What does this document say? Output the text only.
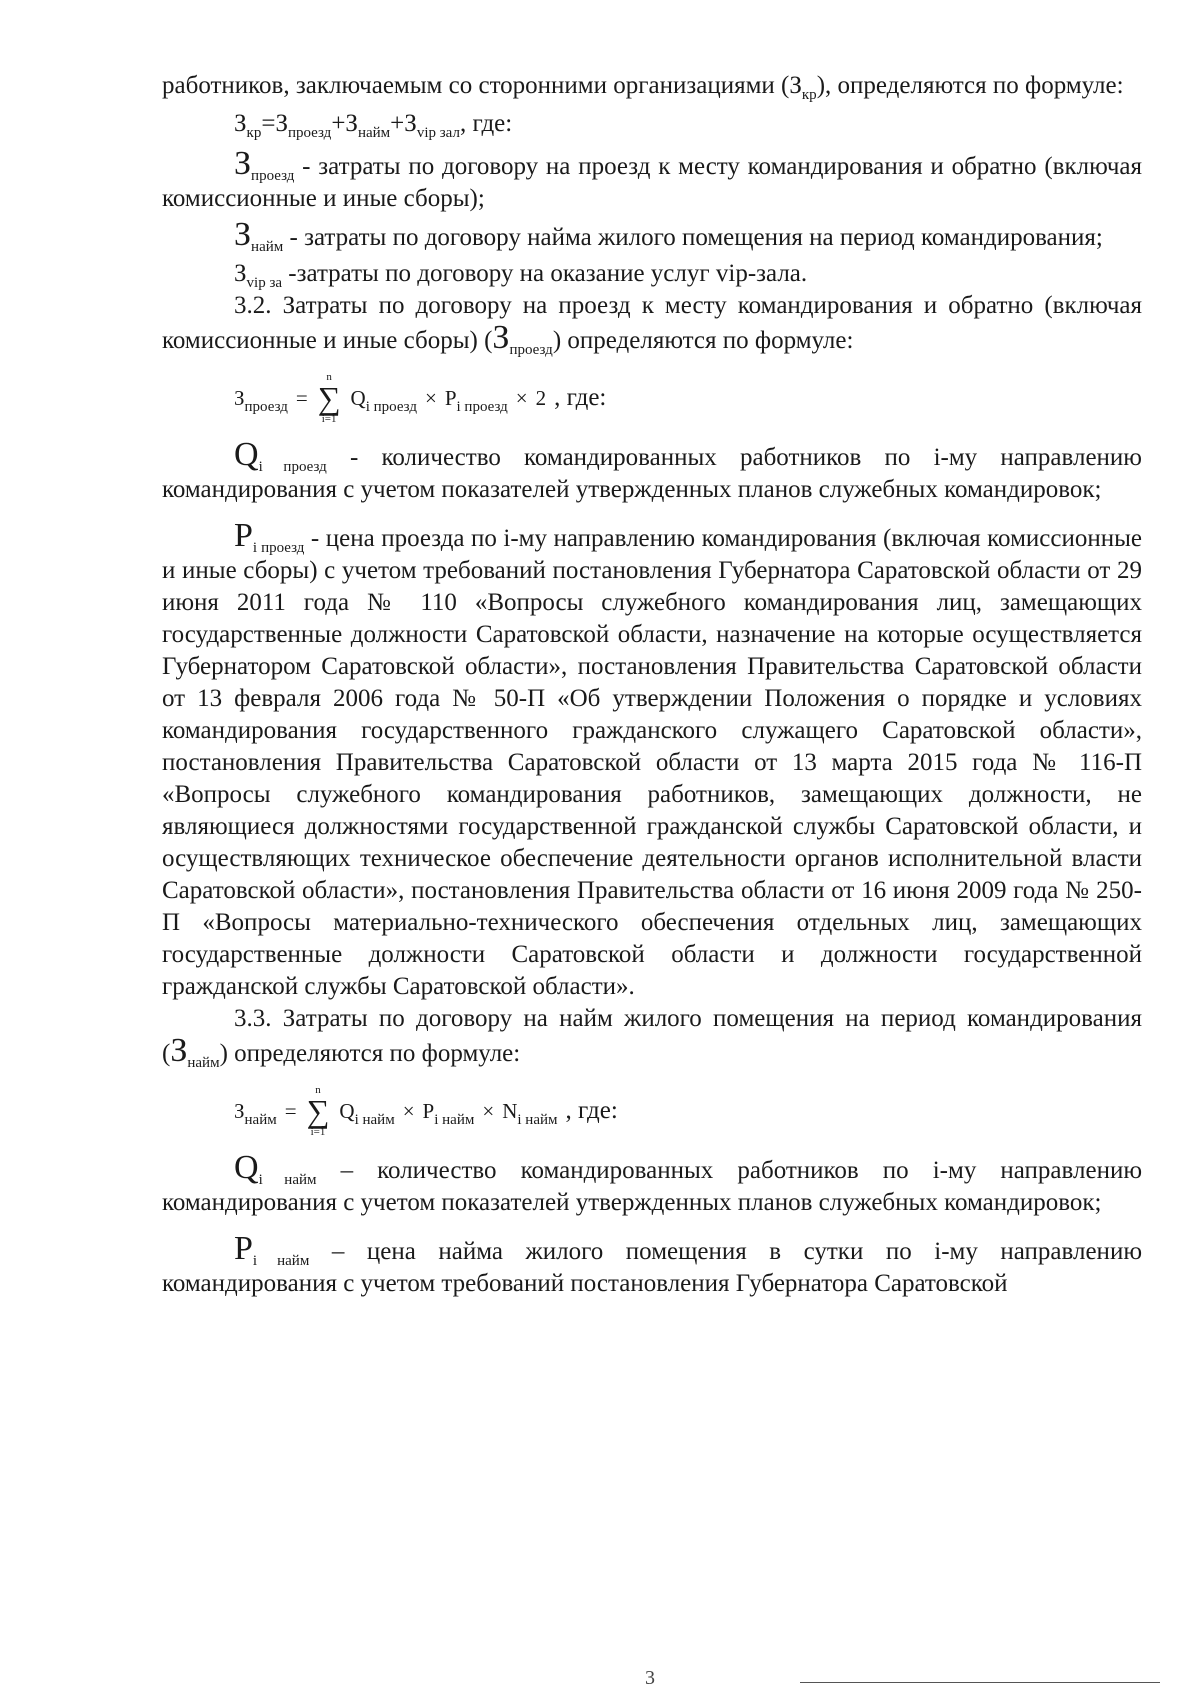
работников, заключаемым со сторонними организациями $(З_{кр})$, определяются по формуле:

$З_{кр}=З_{проезд}+З_{найм}+З_{vip зал}$, где:

$З_{проезд}$ - затраты по договору на проезд к месту командирования и обратно (включая комиссионные и иные сборы);

$З_{найм}$ - затраты по договору найма жилого помещения на период командирования;

$З_{vip за}$ -затраты по договору на оказание услуг vip-зала.

3.2. Затраты по договору на проезд к месту командирования и обратно (включая комиссионные и иные сборы) $(З_{проезд})$ определяются по формуле:

$З_{проезд}$ =
n
∑
i=1
$Q_{i проезд} \times P_{i проезд} \times 2$ , где:

$Q_{i проезд}$ - количество командированных работников по i-му направлению командирования с учетом показателей утвержденных планов служебных командировок;

$P_{i проезд}$ - цена проезда по i-му направлению командирования (включая комиссионные и иные сборы) с учетом требований постановления Губернатора Саратовской области от 29 июня 2011 года № 110 «Вопросы служебного командирования лиц, замещающих государственные должности Саратовской области, назначение на которые осуществляется Губернатором Саратовской области», постановления Правительства Саратовской области от 13 февраля 2006 года № 50-П «Об утверждении Положения о порядке и условиях командирования государственного гражданского служащего Саратовской области», постановления Правительства Саратовской области от 13 марта 2015 года № 116-П «Вопросы служебного командирования работников, замещающих должности, не являющиеся должностями государственной гражданской службы Саратовской области, и осуществляющих техническое обеспечение деятельности органов исполнительной власти Саратовской области», постановления Правительства области от 16 июня 2009 года № 250-П «Вопросы материально-технического обеспечения отдельных лиц, замещающих государственные должности Саратовской области и должности государственной гражданской службы Саратовской области».

3.3. Затраты по договору на найм жилого помещения на период командирования $(З_{найм})$ определяются по формуле:

$З_{найм}$ =
n
∑
i=1
$Q_{i найм} \times P_{i найм} \times N_{i найм}$ , где:

$Q_{i найм}$ – количество командированных работников по i-му направлению командирования с учетом показателей утвержденных планов служебных командировок;

$P_{i найм}$ – цена найма жилого помещения в сутки по i-му направлению командирования с учетом требований постановления Губернатора Саратовской

3
